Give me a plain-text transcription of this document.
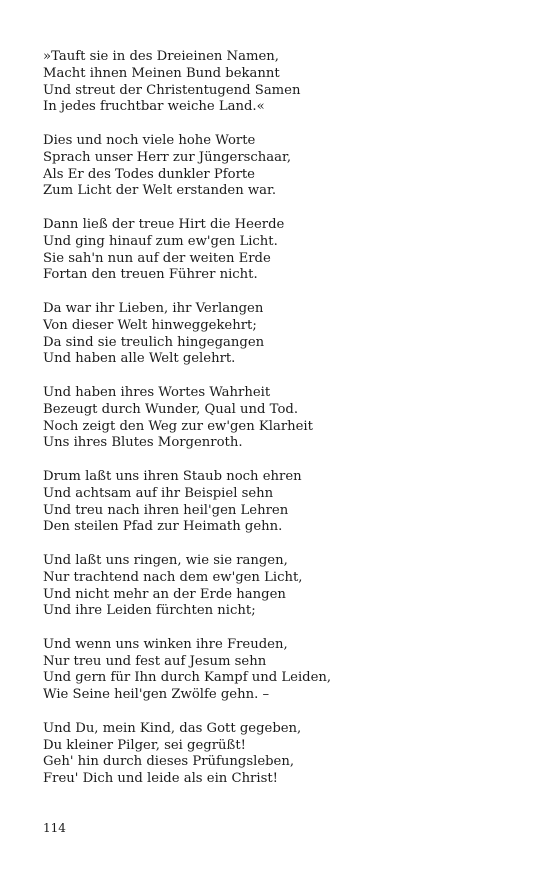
»Tauft sie in des Dreieinen Namen,
Macht ihnen Meinen Bund bekannt
Und streut der Christentugend Samen
In jedes fruchtbar weiche Land.«
Dies und noch viele hohe Worte
Sprach unser Herr zur Jüngerschaar,
Als Er des Todes dunkler Pforte
Zum Licht der Welt erstanden war.
Dann ließ der treue Hirt die Heerde
Und ging hinauf zum ew'gen Licht.
Sie sah'n nun auf der weiten Erde
Fortan den treuen Führer nicht.
Da war ihr Lieben, ihr Verlangen
Von dieser Welt hinweggekehrt;
Da sind sie treulich hingegangen
Und haben alle Welt gelehrt.
Und haben ihres Wortes Wahrheit
Bezeugt durch Wunder, Qual und Tod.
Noch zeigt den Weg zur ew'gen Klarheit
Uns ihres Blutes Morgenroth.
Drum laßt uns ihren Staub noch ehren
Und achtsam auf ihr Beispiel sehn
Und treu nach ihren heil'gen Lehren
Den steilen Pfad zur Heimath gehn.
Und laßt uns ringen, wie sie rangen,
Nur trachtend nach dem ew'gen Licht,
Und nicht mehr an der Erde hangen
Und ihre Leiden fürchten nicht;
Und wenn uns winken ihre Freuden,
Nur treu und fest auf Jesum sehn
Und gern für Ihn durch Kampf und Leiden,
Wie Seine heil'gen Zwölfe gehn. –
Und Du, mein Kind, das Gott gegeben,
Du kleiner Pilger, sei gegrüßt!
Geh' hin durch dieses Prüfungsleben,
Freu' Dich und leide als ein Christ!
114
